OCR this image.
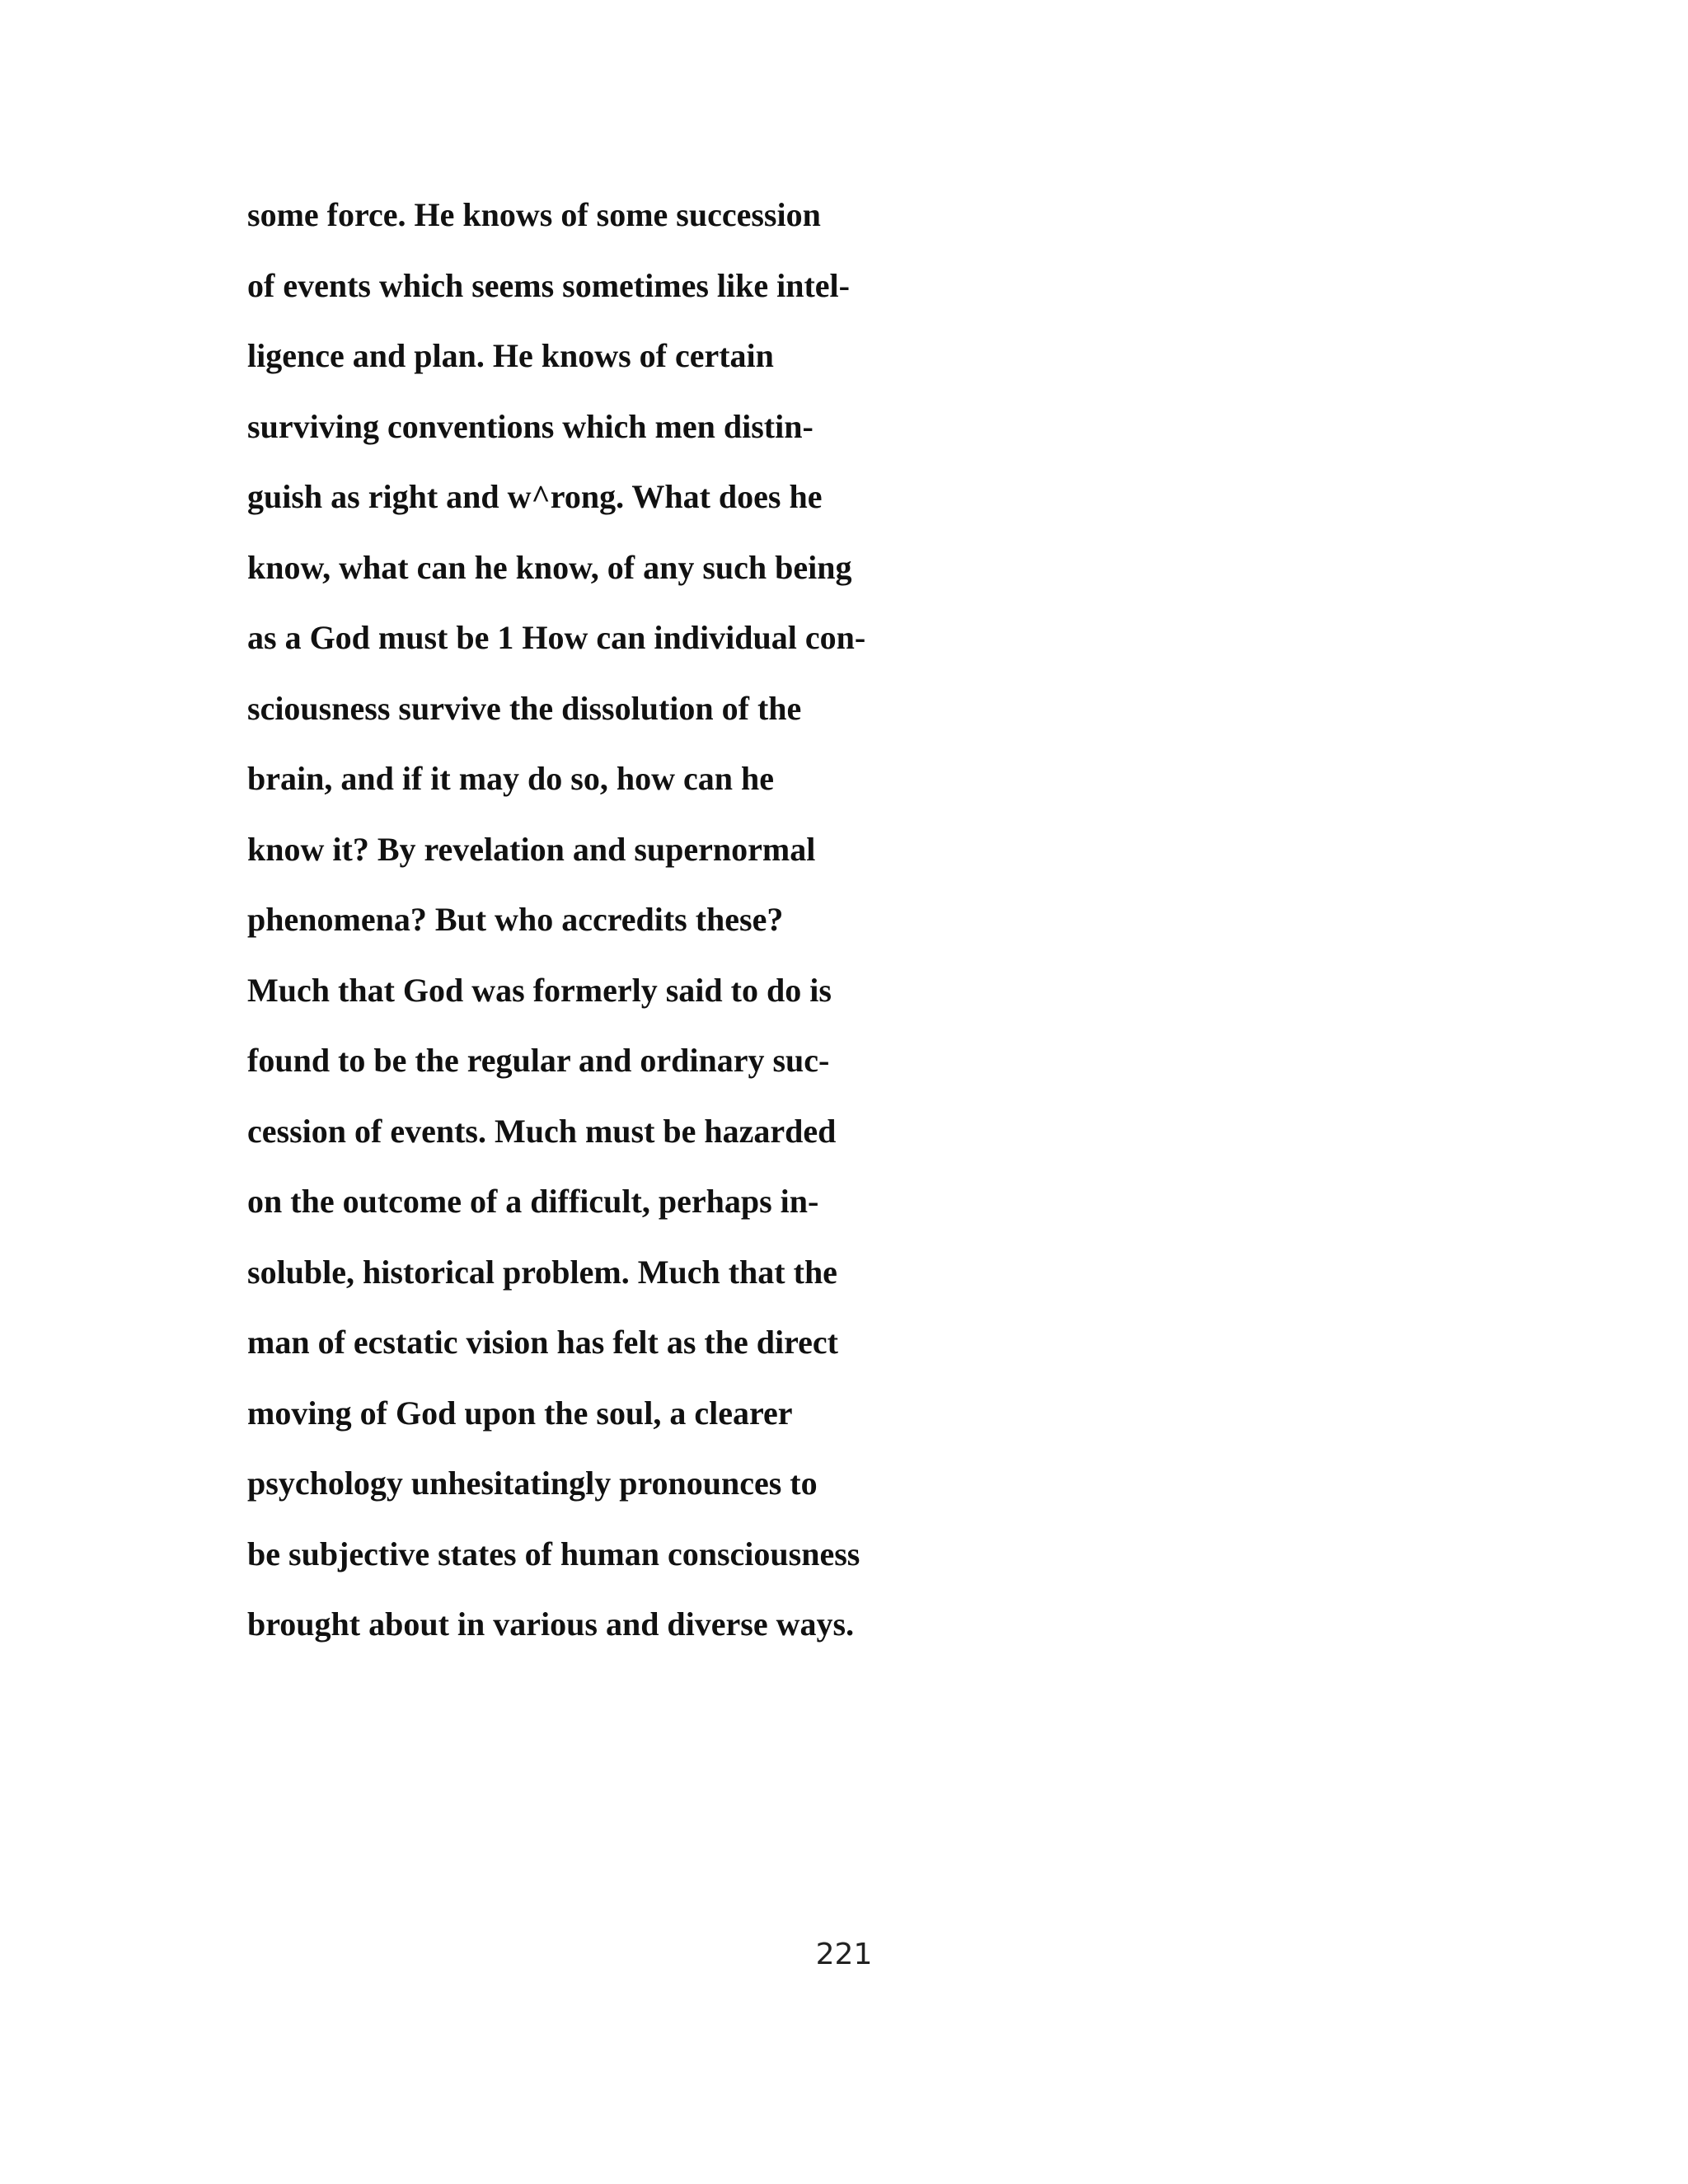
some force. He knows of some succession

of events which seems sometimes like intel-

ligence and plan. He knows of certain

surviving conventions which men distin-

guish as right and w^rong. What does he

know, what can he know, of any such being

as a God must be 1 How can individual con-

sciousness survive the dissolution of the

brain, and if it may do so, how can he

know it? By revelation and supernormal

phenomena? But who accredits these?

Much that God was formerly said to do is

found to be the regular and ordinary suc-

cession of events. Much must be hazarded

on the outcome of a difficult, perhaps in-

soluble, historical problem. Much that the

man of ecstatic vision has felt as the direct

moving of God upon the soul, a clearer

psychology unhesitatingly pronounces to

be subjective states of human consciousness

brought about in various and diverse ways.

221
